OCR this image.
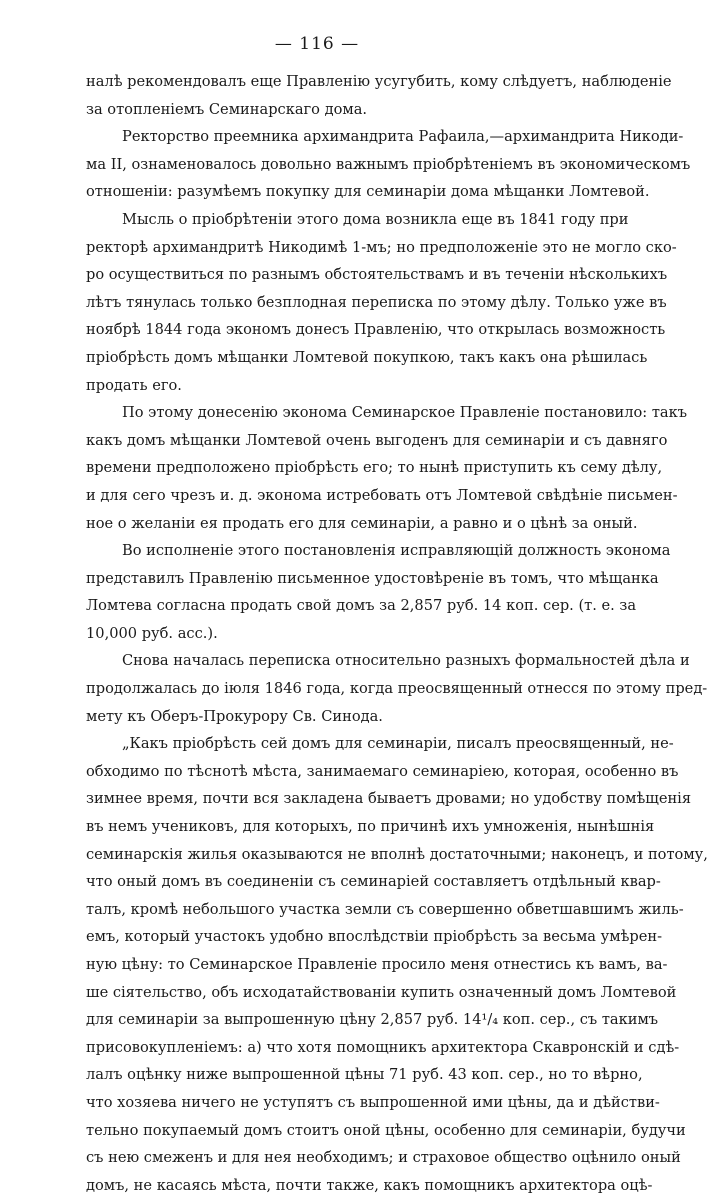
— 116 —
налѣ рекомендовалъ еще Правленію усугубить, кому слѣдуетъ, наблюденіе
за отопленіемъ Семинарскаго дома.
Ректорство преемника архимандрита Рафаила,—архимандрита Никоди-
ма II, ознаменовалось довольно важнымъ пріобрѣтеніемъ въ экономическомъ
отношеніи: разумѣемъ покупку для семинаріи дома мѣщанки Ломтевой.
Мысль о пріобрѣтеніи этого дома возникла еще въ 1841 году при
ректорѣ архимандритѣ Никодимѣ 1-мъ; но предположеніе это не могло ско-
ро осуществиться по разнымъ обстоятельствамъ и въ теченіи нѣсколькихъ
лѣтъ тянулась только безплодная переписка по этому дѣлу. Только уже въ
ноябрѣ 1844 года экономъ донесъ Правленію, что открылась возможность
пріобрѣсть домъ мѣщанки Ломтевой покупкою, такъ какъ она рѣшилась
продать его.
По этому донесенію эконома Семинарское Правленіе постановило: такъ
какъ домъ мѣщанки Ломтевой очень выгоденъ для семинаріи и съ давняго
времени предположено пріобрѣсть его; то нынѣ приступить къ сему дѣлу,
и для сего чрезъ и. д. эконома истребовать отъ Ломтевой свѣдѣніе письмен-
ное о желаніи ея продать его для семинаріи, а равно и о цѣнѣ за оный.
Во исполненіе этого постановленія исправляющій должность эконома
представилъ Правленію письменное удостовѣреніе въ томъ, что мѣщанка
Ломтева согласна продать свой домъ за 2,857 руб. 14 коп. сер. (т. е. за
10,000 руб. асс.).
Снова началась переписка относительно разныхъ формальностей дѣла и
продолжалась до іюля 1846 года, когда преосвященный отнесся по этому пред-
мету къ Оберъ-Прокурору Св. Синода.
„Какъ пріобрѣсть сей домъ для семинаріи, писалъ преосвященный, не-
обходимо по тѣснотѣ мѣста, занимаемаго семинаріею, которая, особенно въ
зимнее время, почти вся закладена бываетъ дровами; но удобству помѣщенія
въ немъ учениковъ, для которыхъ, по причинѣ ихъ умноженія, нынѣшнія
семинарскія жилья оказываются не вполнѣ достаточными; наконецъ, и потому,
что оный домъ въ соединеніи съ семинаріей составляетъ отдѣльный квар-
талъ, кромѣ небольшого участка земли съ совершенно обветшавшимъ жиль-
емъ, который участокъ удобно впослѣдствіи пріобрѣсть за весьма умѣрен-
ную цѣну: то Семинарское Правленіе просило меня отнестись къ вамъ, ва-
ше сіятельство, объ исходатайствованіи купить означенный домъ Ломтевой
для семинаріи за выпрошенную цѣну 2,857 руб. 14¹/₄ коп. сер., съ такимъ
присовокупленіемъ: а) что хотя помощникъ архитектора Скавронскій и сдѣ-
лалъ оцѣнку ниже выпрошенной цѣны 71 руб. 43 коп. сер., но то вѣрно,
что хозяева ничего не уступятъ съ выпрошенной ими цѣны, да и дѣйстви-
тельно покупаемый домъ стоитъ оной цѣны, особенно для семинаріи, будучи
съ нею смеженъ и для нея необходимъ; и страховое общество оцѣнило оный
домъ, не касаясь мѣста, почти также, какъ помощникъ архитектора оцѣ-
